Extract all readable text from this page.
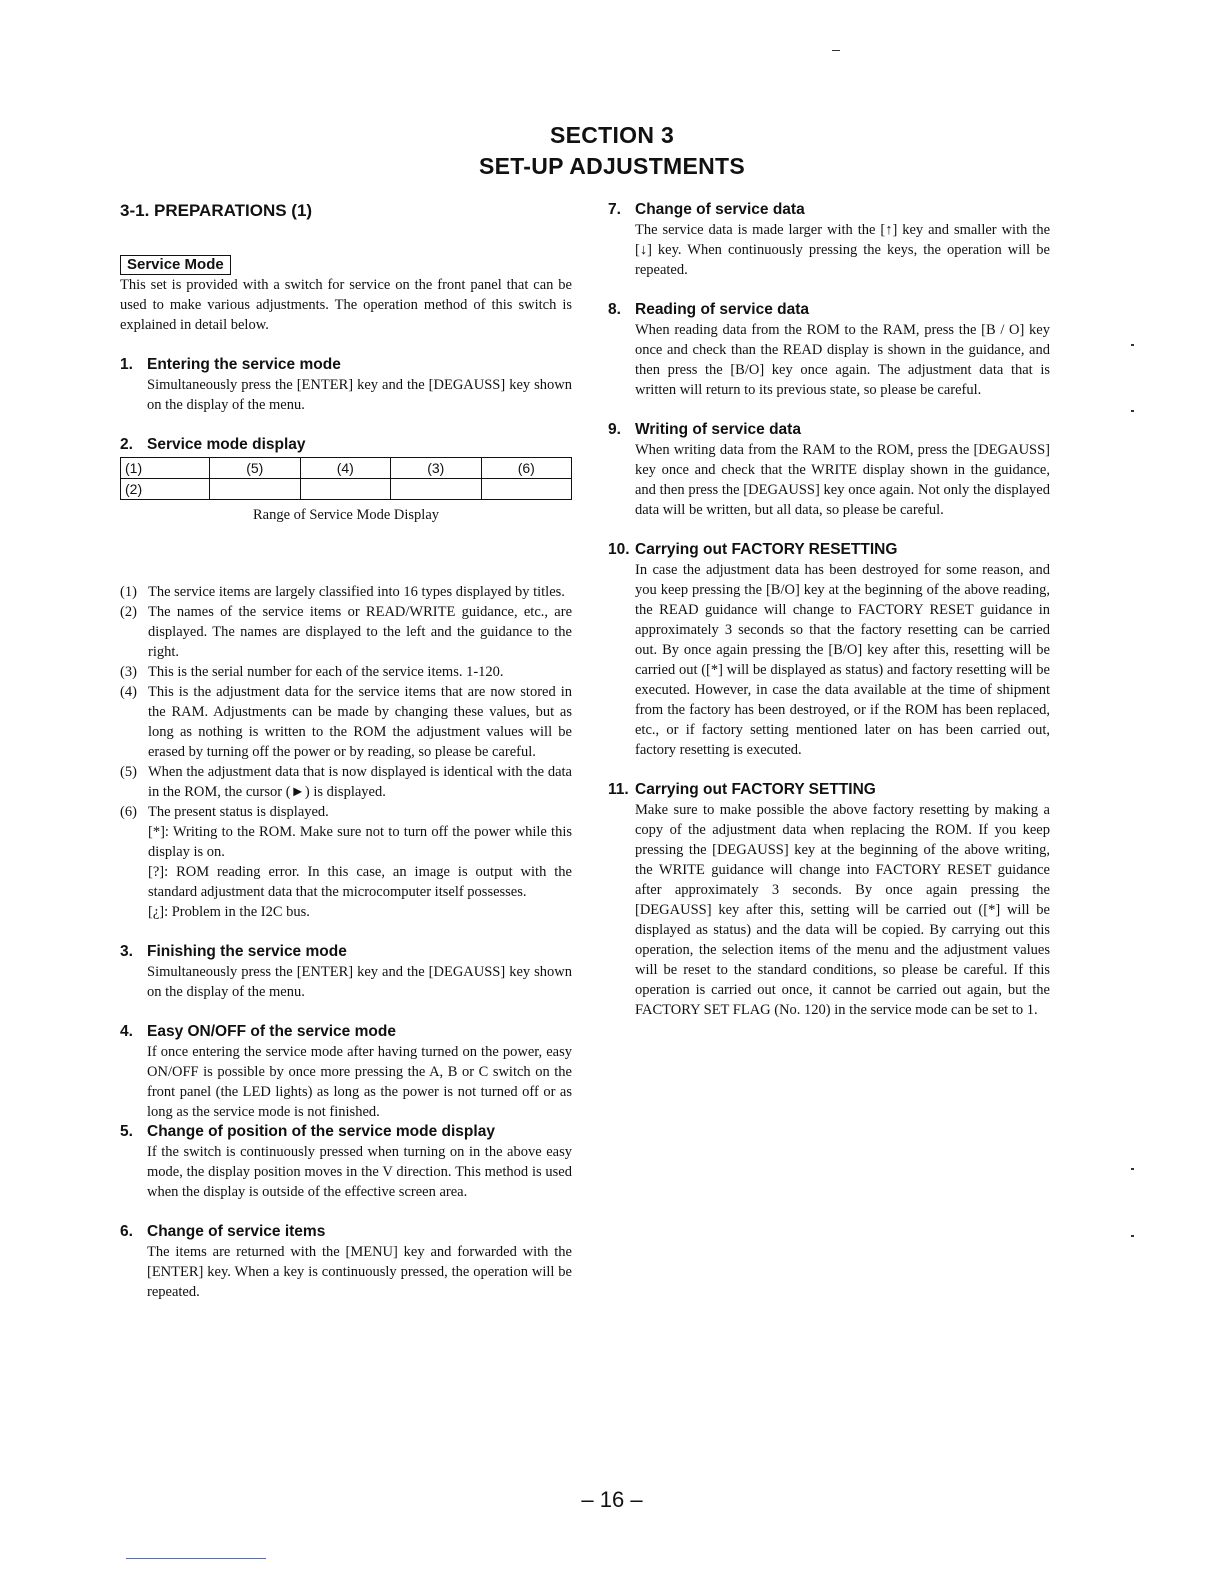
SECTION 3
SET-UP ADJUSTMENTS
3-1. PREPARATIONS (1)
Service Mode

This set is provided with a switch for service on the front panel that can be used to make various adjustments. The operation method of this switch is explained in detail below.

1. Entering the service mode
Simultaneously press the [ENTER] key and the [DEGAUSS] key shown on the display of the menu.
2. Service mode display
(1)	(5)	(4)	(3)	(6)
(2)				
Range of Service Mode Display
(1) The service items are largely classified into 16 types displayed by titles.
(2) The names of the service items or READ/WRITE guidance, etc., are displayed. The names are displayed to the left and the guidance to the right.
(3) This is the serial number for each of the service items. 1-120.
(4) This is the adjustment data for the service items that are now stored in the RAM. Adjustments can be made by changing these values, but as long as nothing is written to the ROM the adjustment values will be erased by turning off the power or by reading, so please be careful.
(5) When the adjustment data that is now displayed is identical with the data in the ROM, the cursor (►) is displayed.
(6) The present status is displayed.
[*]: Writing to the ROM. Make sure not to turn off the power while this display is on.
[?]: ROM reading error. In this case, an image is output with the standard adjustment data that the microcomputer itself possesses.
[¿]: Problem in the I2C bus.
3. Finishing the service mode
Simultaneously press the [ENTER] key and the [DEGAUSS] key shown on the display of the menu.
4. Easy ON/OFF of the service mode
If once entering the service mode after having turned on the power, easy ON/OFF is possible by once more pressing the A, B or C switch on the front panel (the LED lights) as long as the power is not turned off or as long as the service mode is not finished.
5. Change of position of the service mode display
If the switch is continuously pressed when turning on in the above easy mode, the display position moves in the V direction. This method is used when the display is outside of the effective screen area.
6. Change of service items
The items are returned with the [MENU] key and forwarded with the [ENTER] key. When a key is continuously pressed, the operation will be repeated.
7. Change of service data
The service data is made larger with the [↑] key and smaller with the [↓] key. When continuously pressing the keys, the operation will be repeated.
8. Reading of service data
When reading data from the ROM to the RAM, press the [B / O] key once and check than the READ display is shown in the guidance, and then press the [B/O] key once again. The adjustment data that is written will return to its previous state, so please be careful.
9. Writing of service data
When writing data from the RAM to the ROM, press the [DEGAUSS] key once and check that the WRITE display shown in the guidance, and then press the [DEGAUSS] key once again. Not only the displayed data will be written, but all data, so please be careful.
10. Carrying out FACTORY RESETTING
In case the adjustment data has been destroyed for some reason, and you keep pressing the [B/O] key at the beginning of the above reading, the READ guidance will change to FACTORY RESET guidance in approximately 3 seconds so that the factory resetting can be carried out. By once again pressing the [B/O] key after this, resetting will be carried out ([*] will be displayed as status) and factory resetting will be executed. However, in case the data available at the time of shipment from the factory has been destroyed, or if the ROM has been replaced, etc., or if factory setting mentioned later on has been carried out, factory resetting is executed.
11. Carrying out FACTORY SETTING
Make sure to make possible the above factory resetting by making a copy of the adjustment data when replacing the ROM. If you keep pressing the [DEGAUSS] key at the beginning of the above writing, the WRITE guidance will change into FACTORY RESET guidance after approximately 3 seconds. By once again pressing the [DEGAUSS] key after this, setting will be carried out ([*] will be displayed as status) and the data will be copied. By carrying out this operation, the selection items of the menu and the adjustment values will be reset to the standard conditions, so please be careful. If this operation is carried out once, it cannot be carried out again, but the FACTORY SET FLAG (No. 120) in the service mode can be set to 1.
– 16 –
